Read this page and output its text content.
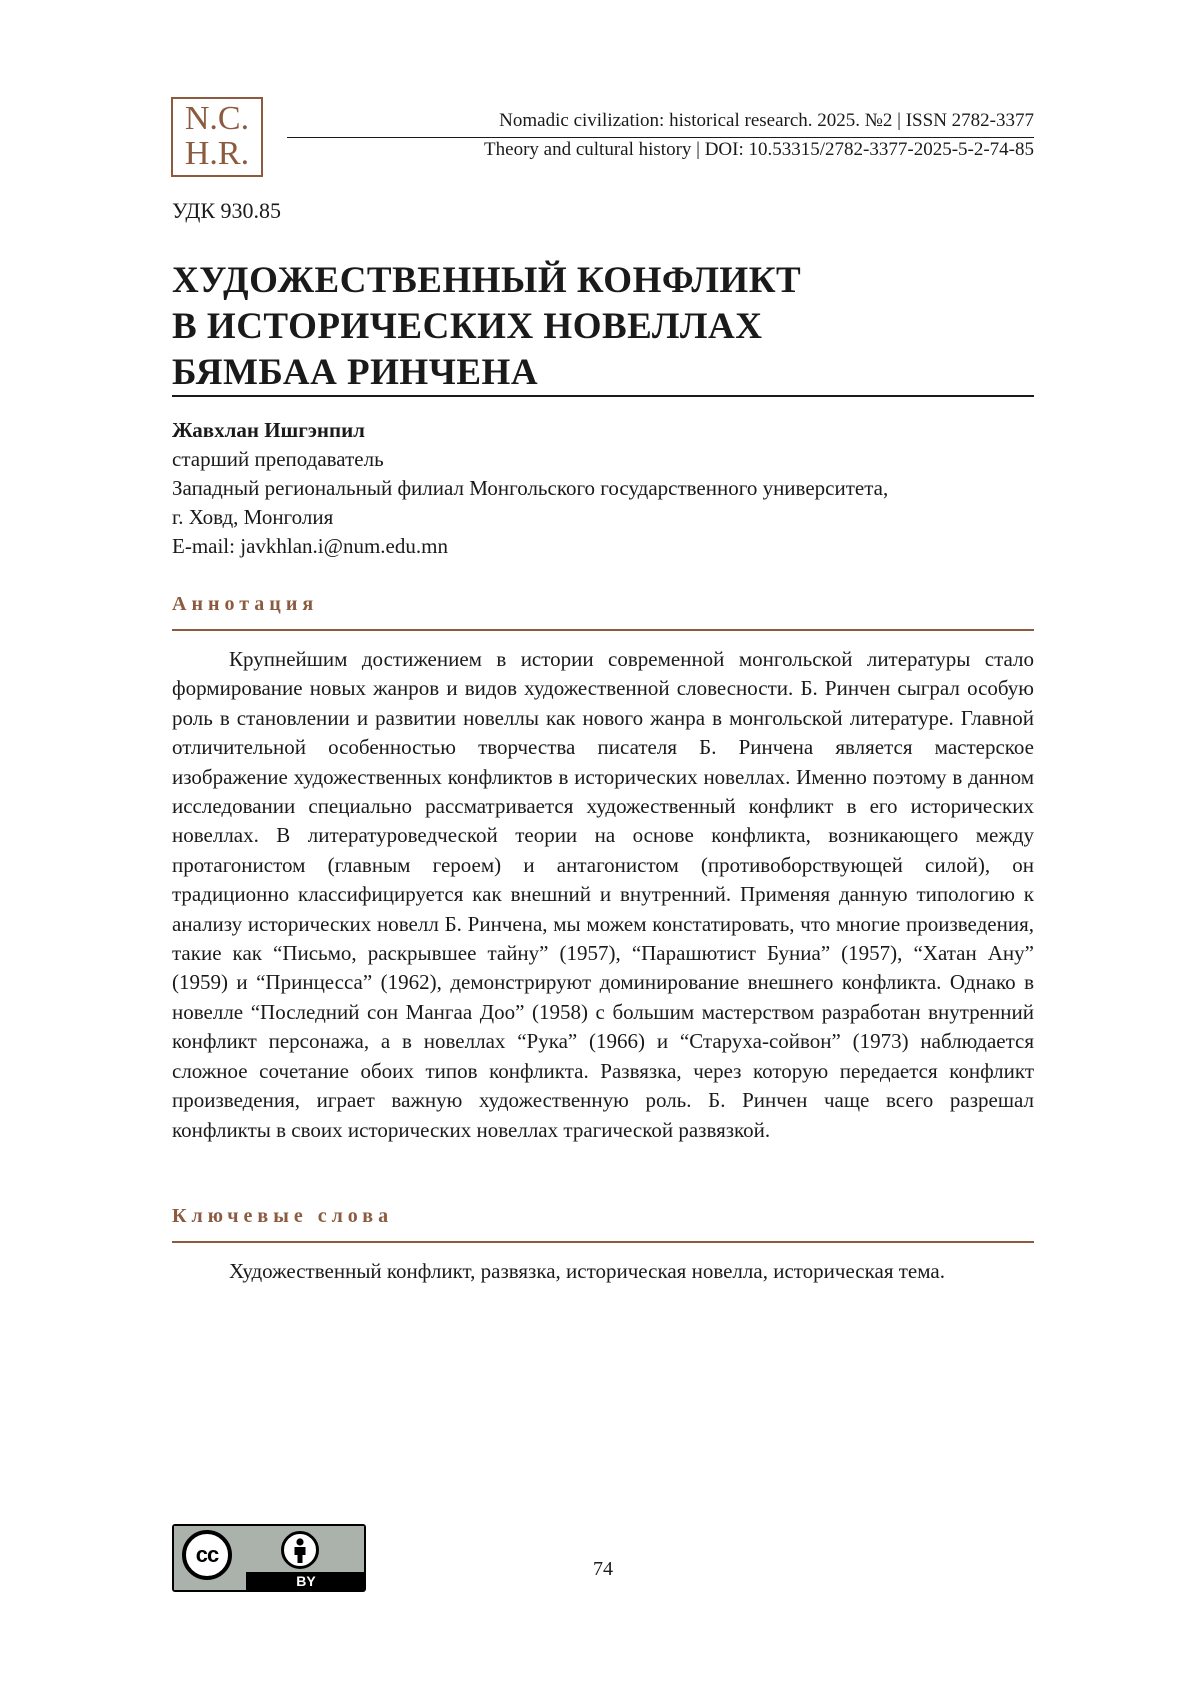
N.C.
H.R.
Nomadic civilization: historical research. 2025. №2 | ISSN 2782-3377
Theory and cultural history | DOI: 10.53315/2782-3377-2025-5-2-74-85
УДК 930.85
ХУДОЖЕСТВЕННЫЙ КОНФЛИКТ
В ИСТОРИЧЕСКИХ НОВЕЛЛАХ
БЯМБАА РИНЧЕНА
Жавхлан Ишгэнпил
старший преподаватель
Западный региональный филиал Монгольского государственного университета,
г. Ховд, Монголия
E-mail: javkhlan.i@num.edu.mn
Аннотация

Крупнейшим достижением в истории современной монгольской литературы стало формирование новых жанров и видов художественной словесности. Б. Ринчен сыграл особую роль в становлении и развитии новеллы как нового жанра в монгольской литературе. Главной отличительной особенностью творчества писателя Б. Ринчена является мастерское изображение художественных конфликтов в исторических новеллах. Именно поэтому в данном исследовании специально рассматривается художественный конфликт в его исторических новеллах. В литературоведческой теории на основе конфликта, возникающего между протагонистом (главным героем) и антагонистом (противоборствующей силой), он традиционно классифицируется как внешний и внутренний. Применяя данную типологию к анализу исторических новелл Б. Ринчена, мы можем констатировать, что многие произведения, такие как “Письмо, раскрывшее тайну” (1957), “Парашютист Буниа” (1957), “Хатан Ану” (1959) и “Принцесса” (1962), демонстрируют доминирование внешнего конфликта. Однако в новелле “Последний сон Мангаа Доо” (1958) с большим мастерством разработан внутренний конфликт персонажа, а в новеллах “Рука” (1966) и “Старуха-сойвон” (1973) наблюдается сложное сочетание обоих типов конфликта. Развязка, через которую передается конфликт произведения, играет важную художественную роль. Б. Ринчен чаще всего разрешал конфликты в своих исторических новеллах трагической развязкой.

Ключевые слова

Художественный конфликт, развязка, историческая новелла, историческая тема.

cc
BY
74
